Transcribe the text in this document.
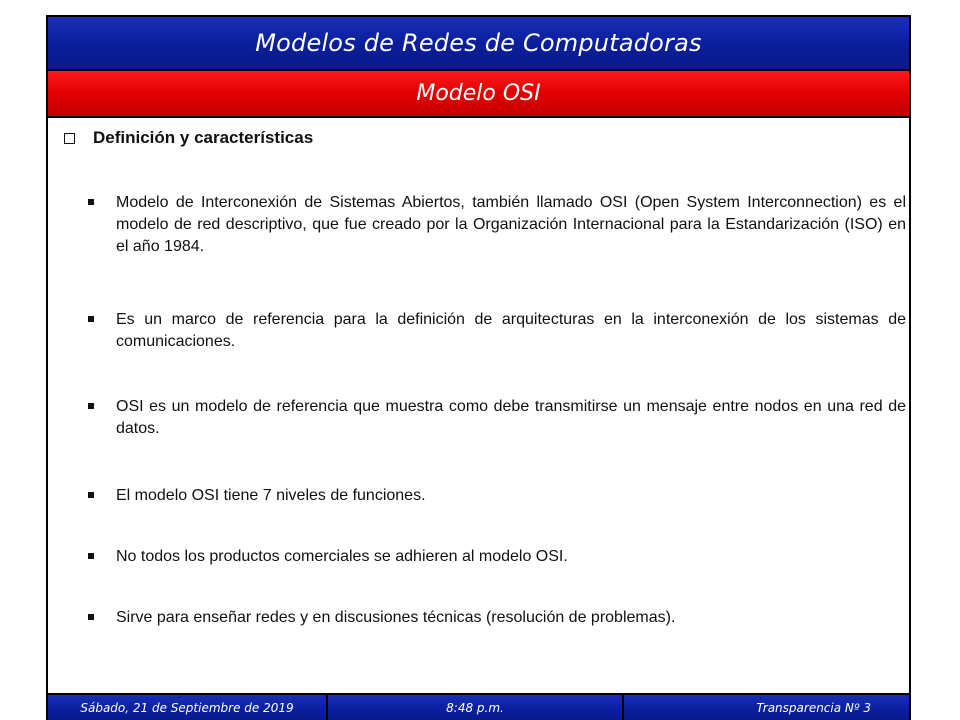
Modelos de Redes de Computadoras
Modelo OSI
Definición y características
Modelo de Interconexión de Sistemas Abiertos, también llamado OSI (Open System Interconnection) es el modelo de red descriptivo, que fue creado por la Organización Internacional para la Estandarización (ISO) en el año 1984.
Es un marco de referencia para la definición de arquitecturas en la interconexión de los sistemas de comunicaciones.
OSI es un modelo de referencia que muestra como debe transmitirse un mensaje entre nodos en una red de datos.
El modelo OSI tiene 7 niveles de funciones.
No todos los productos comerciales se adhieren al modelo OSI.
Sirve para enseñar redes y en discusiones técnicas (resolución de problemas).
Sábado, 21 de Septiembre de 2019	8:48 p.m.	Transparencia Nº 3
